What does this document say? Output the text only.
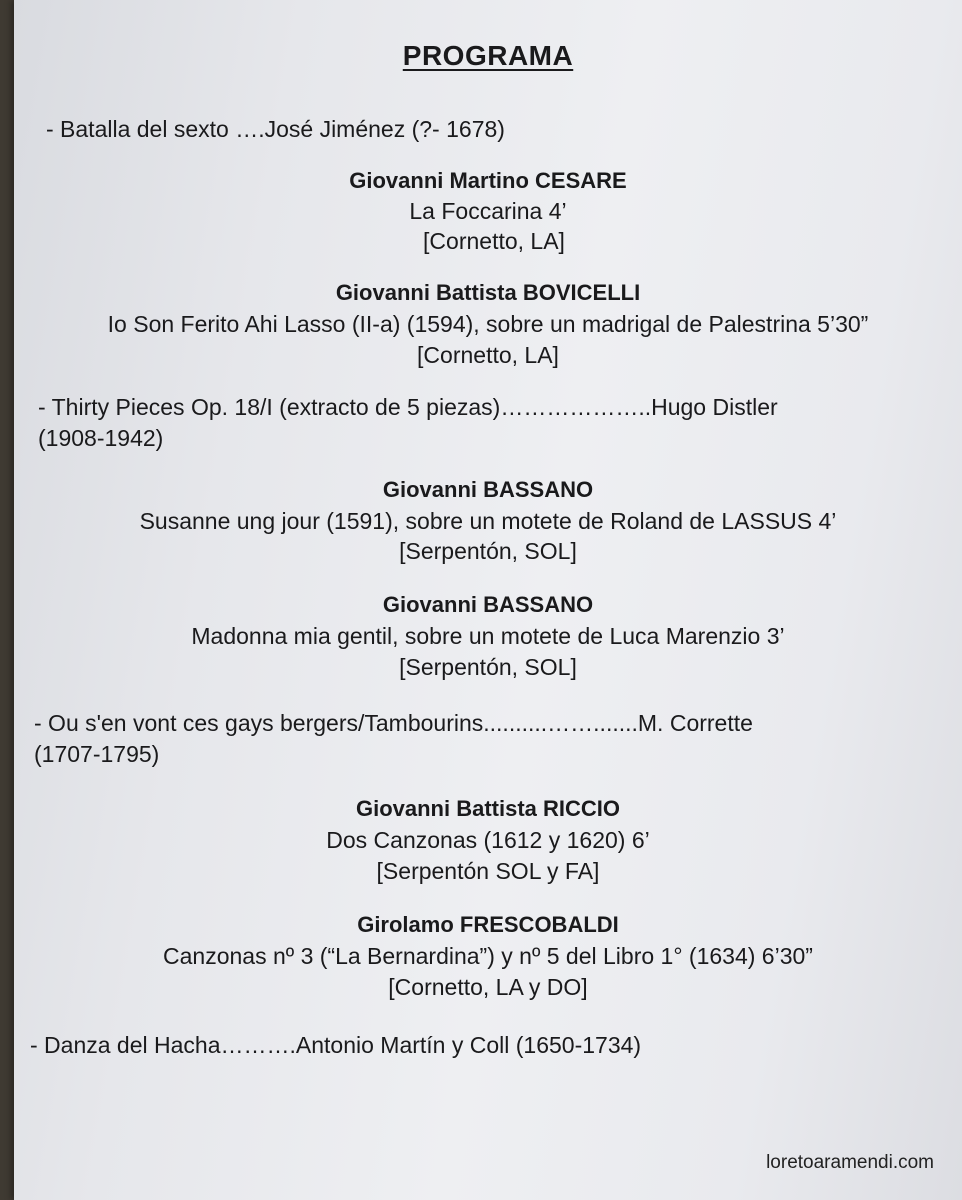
PROGRAMA
- Batalla del sexto ….José Jiménez (?- 1678)
Giovanni Martino CESARE
La Foccarina 4’
[Cornetto, LA]
Giovanni Battista BOVICELLI
Io Son Ferito Ahi Lasso (II-a) (1594), sobre un madrigal de Palestrina 5’30”
[Cornetto, LA]
- Thirty Pieces Op. 18/I (extracto de 5 piezas)………………..Hugo Distler
(1908-1942)
Giovanni BASSANO
Susanne ung jour (1591), sobre un motete de Roland de LASSUS 4’
[Serpentón, SOL]
Giovanni BASSANO
Madonna mia gentil, sobre un motete de Luca Marenzio 3’
[Serpentón, SOL]
- Ou s'en vont ces gays bergers/Tambourins..........…….......M. Corrette
(1707-1795)
Giovanni Battista RICCIO
Dos Canzonas (1612 y 1620) 6’
[Serpentón SOL y FA]
Girolamo FRESCOBALDI
Canzonas nº 3 (“La Bernardina”) y nº 5 del Libro 1° (1634) 6’30”
[Cornetto, LA y DO]
- Danza del Hacha……….Antonio Martín y Coll (1650-1734)
loretoaramendi.com
